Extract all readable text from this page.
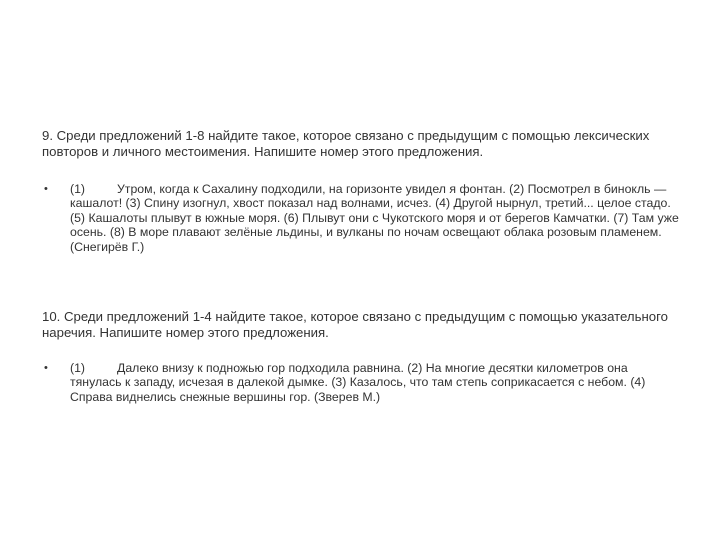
9. Среди предложений 1-8 найдите такое, которое связано с предыдущим с помощью лексических повторов и личного местоимения. Напишите номер этого предложения.

• (1)	Утром, когда к Сахалину подходили, на горизонте увидел я фонтан. (2) Посмотрел в бинокль — кашалот! (3) Спину изогнул, хвост показал над волнами, исчез. (4) Другой нырнул, третий... целое стадо. (5) Кашалоты плывут в южные моря. (6) Плывут они с Чукотского моря и от берегов Камчатки. (7) Там уже осень. (8) В море плавают зелёные льдины, и вулканы по ночам освещают облака розовым пламенем. (Снегирёв Г.)

10. Среди предложений 1-4 найдите такое, которое связано с предыдущим с помощью указательного наречия. Напишите номер этого предложения.

• (1)	Далеко внизу к подножью гор подходила равнина. (2) На многие десятки километров она тянулась к западу, исчезая в далекой дымке. (3) Казалось, что там степь соприкасается с небом. (4) Справа виднелись снежные вершины гор. (Зверев М.)
